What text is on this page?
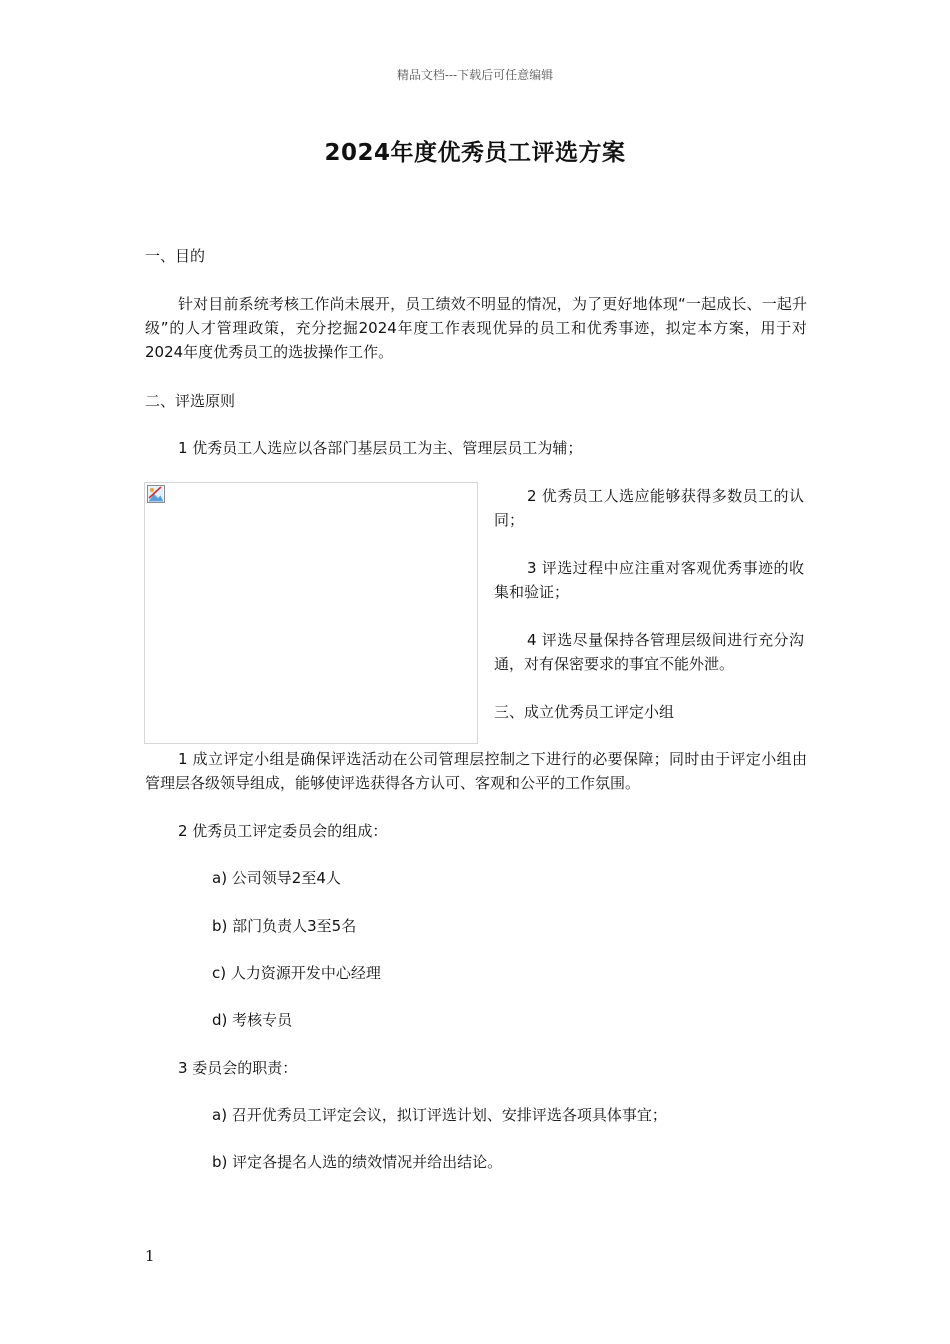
精品文档---下载后可任意编辑
2024年度优秀员工评选方案

一、目的

针对目前系统考核工作尚未展开，员工绩效不明显的情况，为了更好地体现“一起成长、一起升级”的人才管理政策，充分挖掘2024年度工作表现优异的员工和优秀事迹，拟定本方案，用于对2024年度优秀员工的选拔操作工作。

二、评选原则

1 优秀员工人选应以各部门基层员工为主、管理层员工为辅；

2 优秀员工人选应能够获得多数员工的认同；

3 评选过程中应注重对客观优秀事迹的收集和验证；

4 评选尽量保持各管理层级间进行充分沟通，对有保密要求的事宜不能外泄。

三、成立优秀员工评定小组

1 成立评定小组是确保评选活动在公司管理层控制之下进行的必要保障；同时由于评定小组由管理层各级领导组成，能够使评选获得各方认可、客观和公平的工作氛围。

2 优秀员工评定委员会的组成：

a) 公司领导2至4人

b) 部门负责人3至5名

c) 人力资源开发中心经理

d) 考核专员

3 委员会的职责：

a) 召开优秀员工评定会议，拟订评选计划、安排评选各项具体事宜；

b) 评定各提名人选的绩效情况并给出结论。

1
